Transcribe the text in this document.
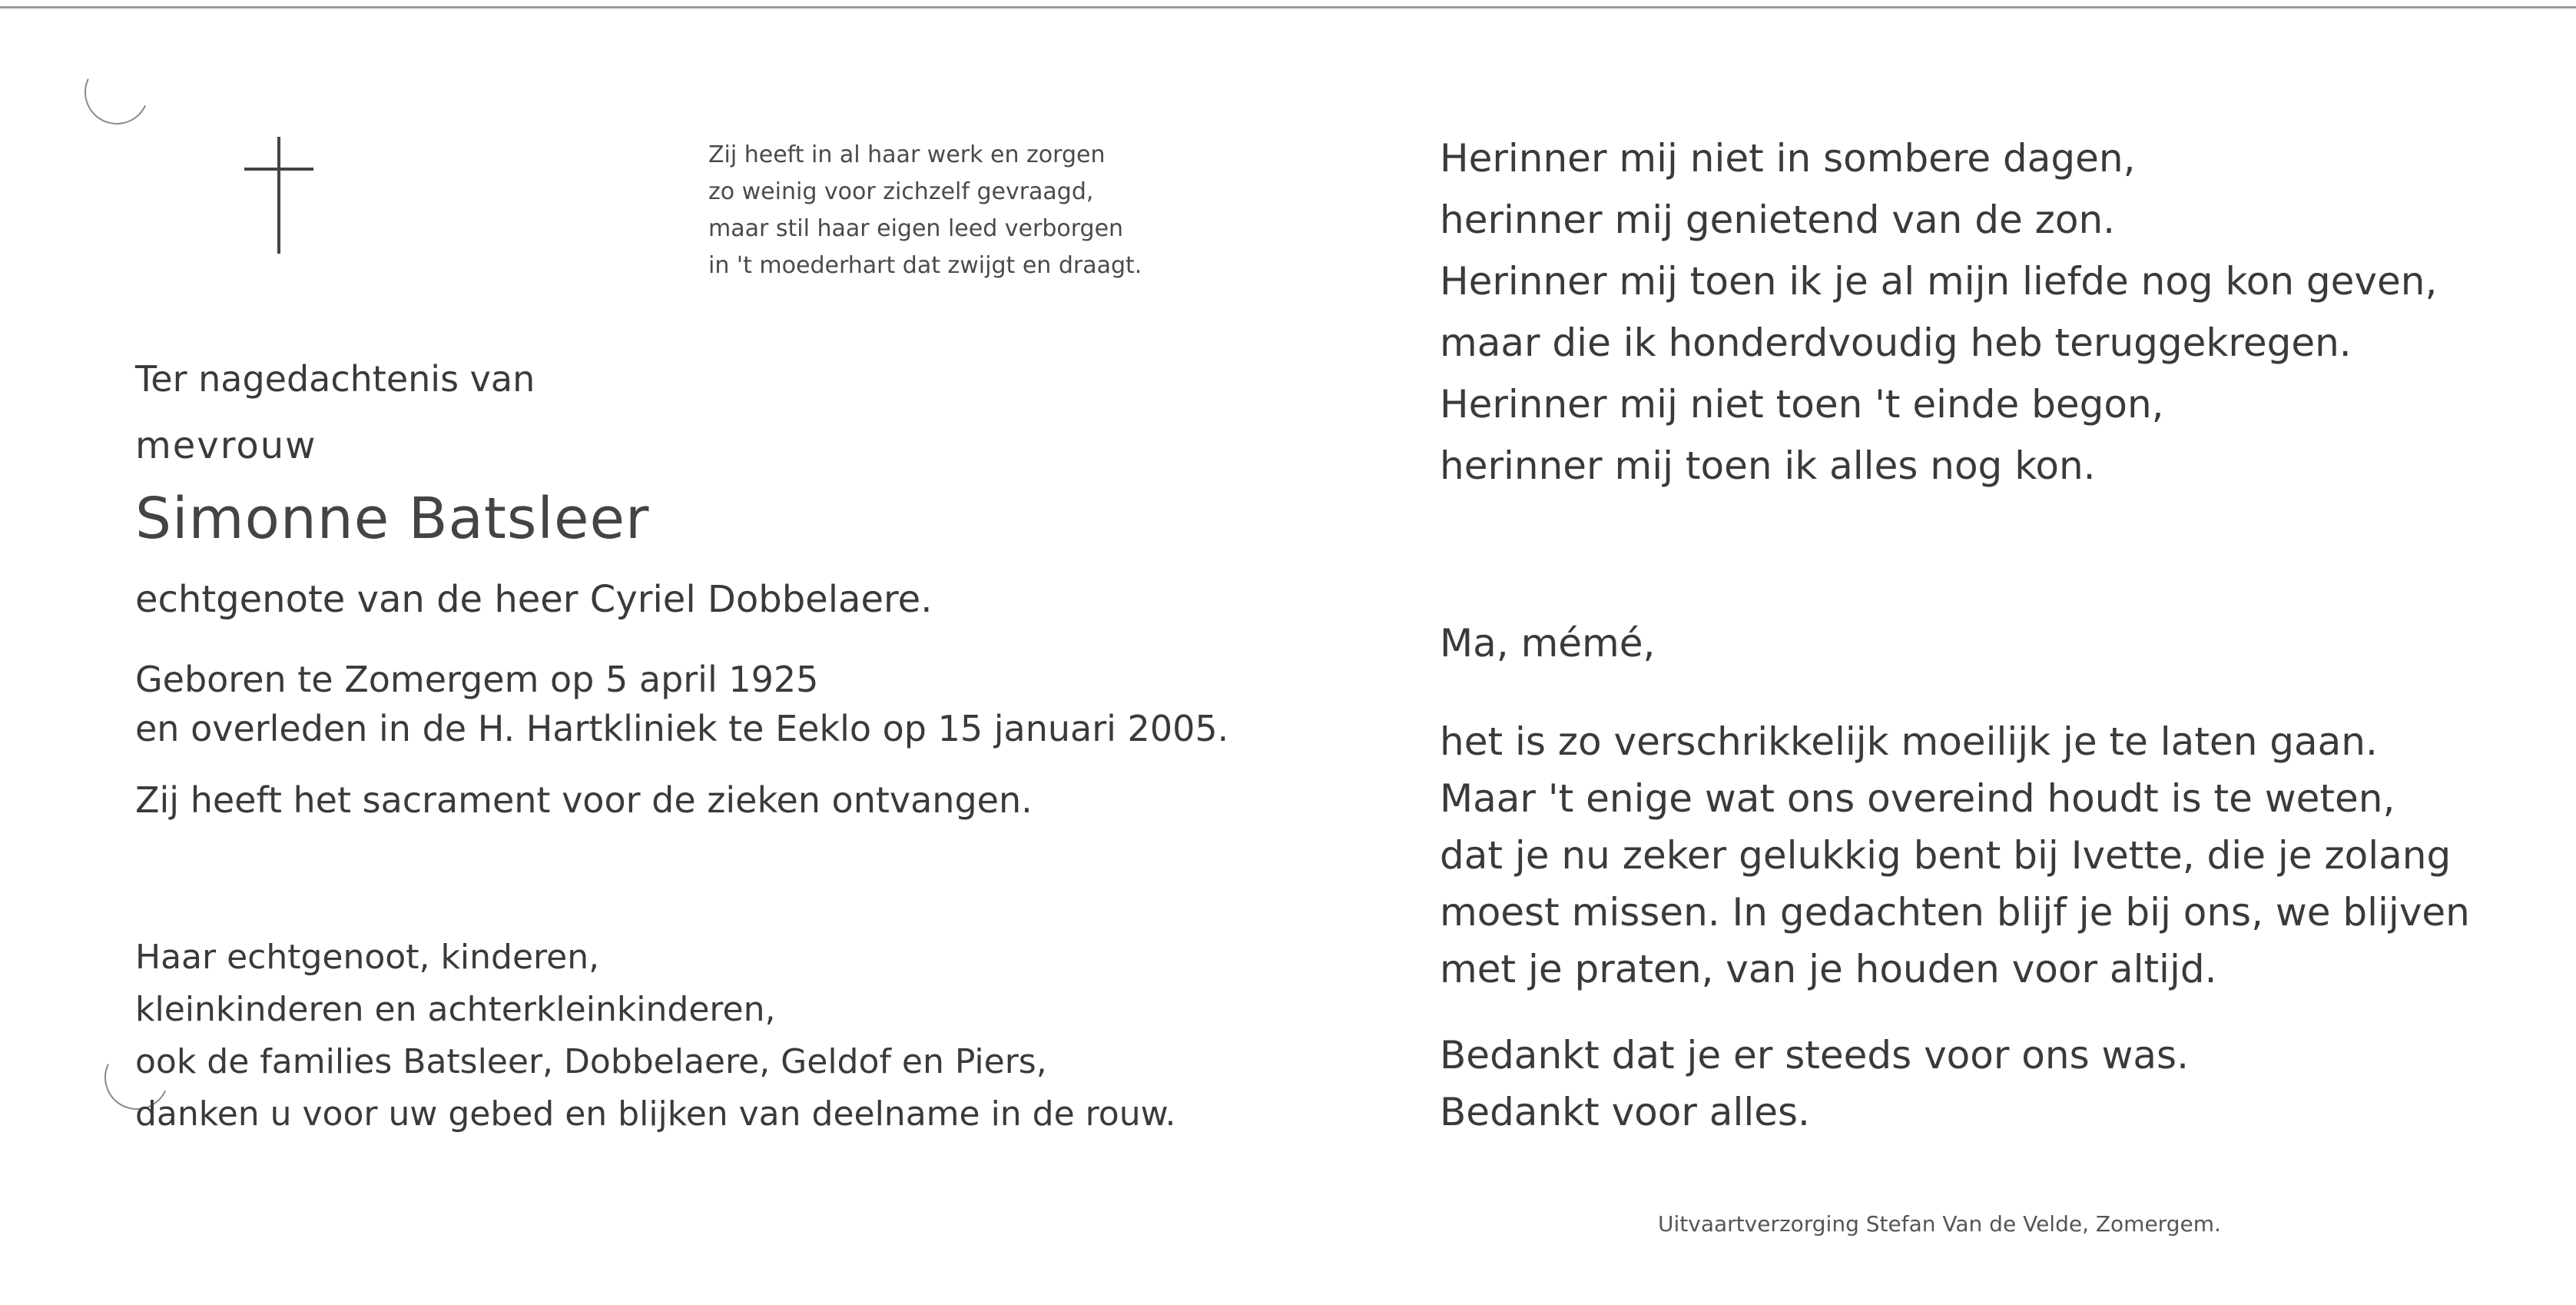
Zij heeft in al haar werk en zorgen
zo weinig voor zichzelf gevraagd,
maar stil haar eigen leed verborgen
in 't moederhart dat zwijgt en draagt.
Ter nagedachtenis van
mevrouw
Simonne Batsleer
echtgenote van de heer Cyriel Dobbelaere.
Geboren te Zomergem op 5 april 1925
en overleden in de H. Hartkliniek te Eeklo op 15 januari 2005.
Zij heeft het sacrament voor de zieken ontvangen.
Haar echtgenoot, kinderen,
kleinkinderen en achterkleinkinderen,
ook de families Batsleer, Dobbelaere, Geldof en Piers,
danken u voor uw gebed en blijken van deelname in de rouw.
Herinner mij niet in sombere dagen,
herinner mij genietend van de zon.
Herinner mij toen ik je al mijn liefde nog kon geven,
maar die ik honderdvoudig heb teruggekregen.
Herinner mij niet toen 't einde begon,
herinner mij toen ik alles nog kon.
Ma, mémé,
het is zo verschrikkelijk moeilijk je te laten gaan.
Maar 't enige wat ons overeind houdt is te weten,
dat je nu zeker gelukkig bent bij Ivette, die je zolang
moest missen. In gedachten blijf je bij ons, we blijven
met je praten, van je houden voor altijd.
Bedankt dat je er steeds voor ons was.
Bedankt voor alles.
Uitvaartverzorging Stefan Van de Velde, Zomergem.
